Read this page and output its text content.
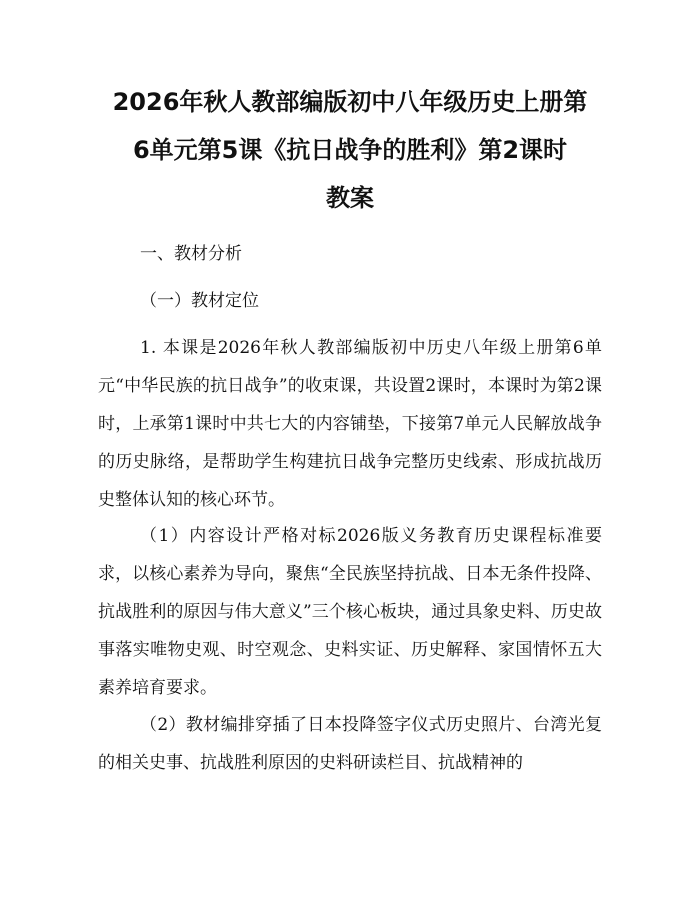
2026年秋人教部编版初中八年级历史上册第
6单元第5课《抗日战争的胜利》第2课时
教案
一、教材分析
（一）教材定位

1. 本课是2026年秋人教部编版初中历史八年级上册第6单元“中华民族的抗日战争”的收束课，共设置2课时，本课时为第2课时，上承第1课时中共七大的内容铺垫，下接第7单元人民解放战争的历史脉络，是帮助学生构建抗日战争完整历史线索、形成抗战历史整体认知的核心环节。

（1）内容设计严格对标2026版义务教育历史课程标准要求，以核心素养为导向，聚焦“全民族坚持抗战、日本无条件投降、抗战胜利的原因与伟大意义”三个核心板块，通过具象史料、历史故事落实唯物史观、时空观念、史料实证、历史解释、家国情怀五大素养培育要求。

（2）教材编排穿插了日本投降签字仪式历史照片、台湾光复的相关史事、抗战胜利原因的史料研读栏目、抗战精神的
